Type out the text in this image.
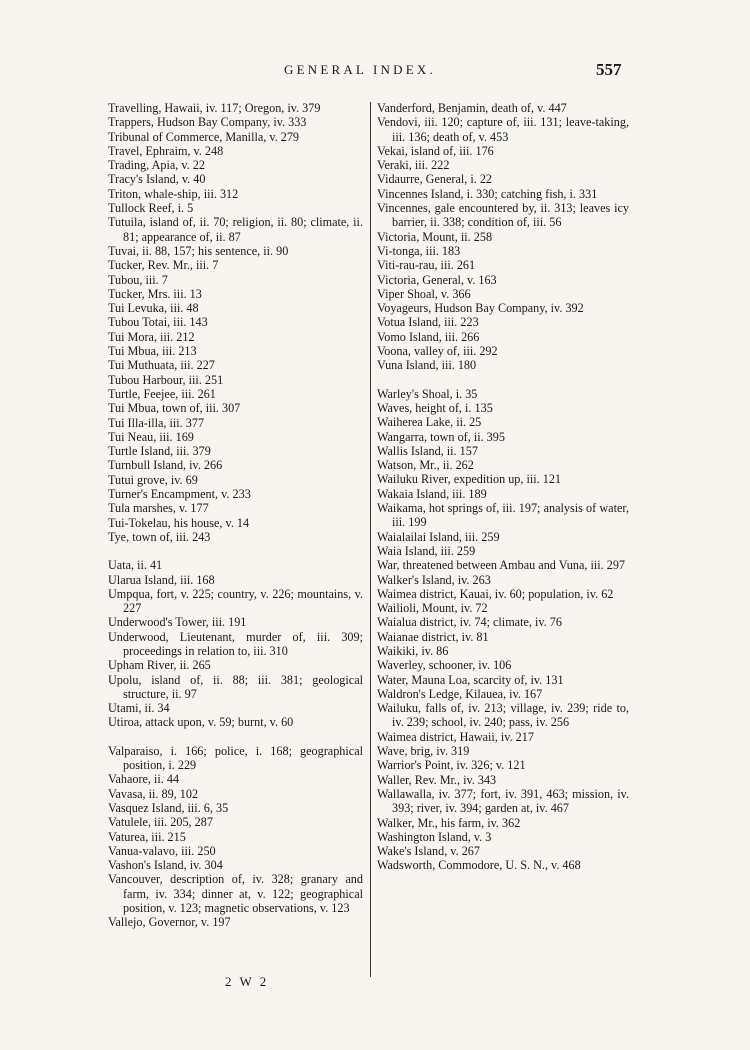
GENERAL INDEX.	557
Travelling, Hawaii, iv. 117; Oregon, iv. 379
Trappers, Hudson Bay Company, iv. 333
Tribunal of Commerce, Manilla, v. 279
Travel, Ephraim, v. 248
Trading, Apia, v. 22
Tracy's Island, v. 40
Triton, whale-ship, iii. 312
Tullock Reef, i. 5
Tutuila, island of, ii. 70; religion, ii. 80; climate, ii. 81; appearance of, ii. 87
Tuvai, ii. 88, 157; his sentence, ii. 90
Tucker, Rev. Mr., iii. 7
Tubou, iii. 7
Tucker, Mrs. iii. 13
Tui Levuka, iii. 48
Tubou Totai, iii. 143
Tui Mora, iii. 212
Tui Mbua, iii. 213
Tui Muthuata, iii. 227
Tubou Harbour, iii. 251
Turtle, Feejee, iii. 261
Tui Mbua, town of, iii. 307
Tui Illa-illa, iii. 377
Tui Neau, iii. 169
Turtle Island, iii. 379
Turnbull Island, iv. 266
Tutui grove, iv. 69
Turner's Encampment, v. 233
Tula marshes, v. 177
Tui-Tokelau, his house, v. 14
Tye, town of, iii. 243
Uata, ii. 41
Ularua Island, iii. 168
Umpqua, fort, v. 225; country, v. 226; mountains, v. 227
Underwood's Tower, iii. 191
Underwood, Lieutenant, murder of, iii. 309; proceedings in relation to, iii. 310
Upham River, ii. 265
Upolu, island of, ii. 88; iii. 381; geological structure, ii. 97
Utami, ii. 34
Utiroa, attack upon, v. 59; burnt, v. 60
Valparaiso, i. 166; police, i. 168; geographical position, i. 229
Vahaore, ii. 44
Vavasa, ii. 89, 102
Vasquez Island, iii. 6, 35
Vatulele, iii. 205, 287
Vaturea, iii. 215
Vanua-valavo, iii. 250
Vashon's Island, iv. 304
Vancouver, description of, iv. 328; granary and farm, iv. 334; dinner at, v. 122; geographical position, v. 123; magnetic observations, v. 123
Vallejo, Governor, v. 197
Vanderford, Benjamin, death of, v. 447
Vendovi, iii. 120; capture of, iii. 131; leave-taking, iii. 136; death of, v. 453
Vekai, island of, iii. 176
Veraki, iii. 222
Vidaurre, General, i. 22
Vincennes Island, i. 330; catching fish, i. 331
Vincennes, gale encountered by, ii. 313; leaves icy barrier, ii. 338; condition of, iii. 56
Victoria, Mount, ii. 258
Vi-tonga, iii. 183
Viti-rau-rau, iii. 261
Victoria, General, v. 163
Viper Shoal, v. 366
Voyageurs, Hudson Bay Company, iv. 392
Votua Island, iii. 223
Vomo Island, iii. 266
Voona, valley of, iii. 292
Vuna Island, iii. 180
Warley's Shoal, i. 35
Waves, height of, i. 135
Waiherea Lake, ii. 25
Wangarra, town of, ii. 395
Wallis Island, ii. 157
Watson, Mr., ii. 262
Wailuku River, expedition up, iii. 121
Wakaia Island, iii. 189
Waikama, hot springs of, iii. 197; analysis of water, iii. 199
Waialailai Island, iii. 259
Waia Island, iii. 259
War, threatened between Ambau and Vuna, iii. 297
Walker's Island, iv. 263
Waimea district, Kauai, iv. 60; population, iv. 62
Wailioli, Mount, iv. 72
Waialua district, iv. 74; climate, iv. 76
Waianae district, iv. 81
Waikiki, iv. 86
Waverley, schooner, iv. 106
Water, Mauna Loa, scarcity of, iv. 131
Waldron's Ledge, Kilauea, iv. 167
Wailuku, falls of, iv. 213; village, iv. 239; ride to, iv. 239; school, iv. 240; pass, iv. 256
Waimea district, Hawaii, iv. 217
Wave, brig, iv. 319
Warrior's Point, iv. 326; v. 121
Waller, Rev. Mr., iv. 343
Wallawalla, iv. 377; fort, iv. 391, 463; mission, iv. 393; river, iv. 394; garden at, iv. 467
Walker, Mr., his farm, iv. 362
Washington Island, v. 3
Wake's Island, v. 267
Wadsworth, Commodore, U. S. N., v. 468
2 W 2
